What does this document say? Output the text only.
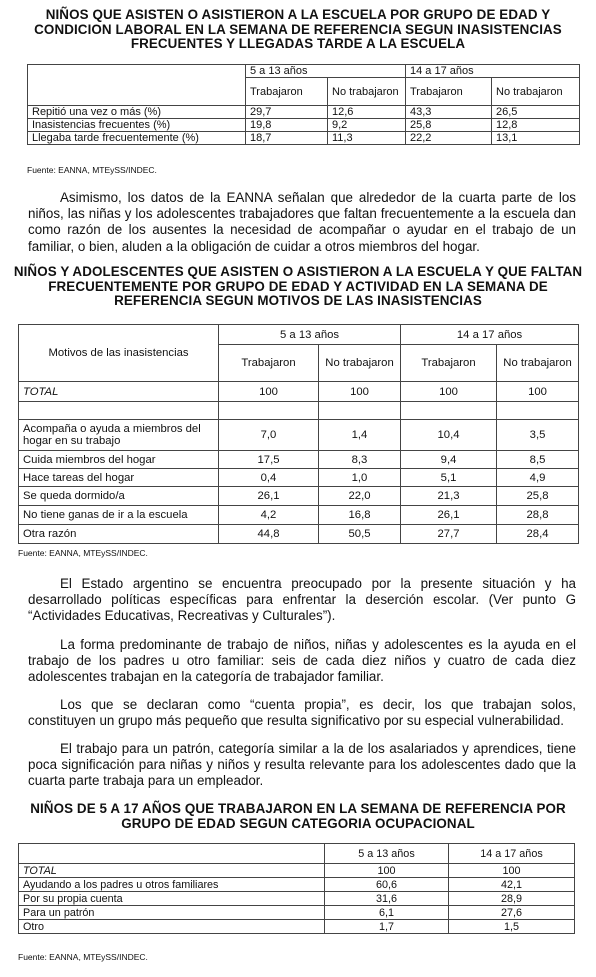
NIÑOS QUE ASISTEN O ASISTIERON A LA ESCUELA POR GRUPO DE EDAD Y CONDICION LABORAL EN LA SEMANA DE REFERENCIA SEGUN INASISTENCIAS FRECUENTES Y LLEGADAS TARDE A LA ESCUELA
	5 a 13 años		14 a 17 años	
	Trabajaron	No trabajaron	Trabajaron	No trabajaron
Repitió una vez o más (%)	29,7	12,6	43,3	26,5
Inasistencias frecuentes (%)	19,8	9,2	25,8	12,8
Llegaba tarde frecuentemente (%)	18,7	11,3	22,2	13,1
Fuente: EANNA, MTEySS/INDEC.
Asimismo, los datos de la EANNA señalan que alrededor de la cuarta parte de los niños, las niñas y los adolescentes trabajadores que faltan frecuentemente a la escuela dan como razón de los ausentes la necesidad de acompañar o ayudar en el trabajo de un familiar, o bien, aluden a la obligación de cuidar a otros miembros del hogar.
NIÑOS Y ADOLESCENTES QUE ASISTEN O ASISTIERON A LA ESCUELA Y QUE FALTAN FRECUENTEMENTE POR GRUPO DE EDAD Y ACTIVIDAD EN LA SEMANA DE REFERENCIA SEGUN MOTIVOS DE LAS INASISTENCIAS
Motivos de las inasistencias	5 a 13 años		14 a 17 años	
	Trabajaron	No trabajaron	Trabajaron	No trabajaron
TOTAL	100	100	100	100

Acompaña o ayuda a miembros del hogar en su trabajo	7,0	1,4	10,4	3,5
Cuida miembros del hogar	17,5	8,3	9,4	8,5
Hace tareas del hogar	0,4	1,0	5,1	4,9
Se queda dormido/a	26,1	22,0	21,3	25,8
No tiene ganas de ir a la escuela	4,2	16,8	26,1	28,8
Otra razón	44,8	50,5	27,7	28,4
Fuente: EANNA, MTEySS/INDEC.
El Estado argentino se encuentra preocupado por la presente situación y ha desarrollado políticas específicas para enfrentar la deserción escolar. (Ver punto G “Actividades Educativas, Recreativas y Culturales”).
La forma predominante de trabajo de niños, niñas y adolescentes es la ayuda en el trabajo de los padres u otro familiar: seis de cada diez niños y cuatro de cada diez adolescentes trabajan en la categoría de trabajador familiar.
Los que se declaran como “cuenta propia”, es decir, los que trabajan solos, constituyen un grupo más pequeño que resulta significativo por su especial vulnerabilidad.
El trabajo para un patrón, categoría similar a la de los asalariados y aprendices, tiene poca significación para niñas y niños y resulta relevante para los adolescentes dado que la cuarta parte trabaja para un empleador.
NIÑOS DE 5 A 17 AÑOS QUE TRABAJARON EN LA SEMANA DE REFERENCIA POR GRUPO DE EDAD SEGUN CATEGORIA OCUPACIONAL
	5 a 13 años	14 a 17 años
TOTAL	100	100
Ayudando a los padres u otros familiares	60,6	42,1
Por su propia cuenta	31,6	28,9
Para un patrón	6,1	27,6
Otro	1,7	1,5
Fuente: EANNA, MTEySS/INDEC.
